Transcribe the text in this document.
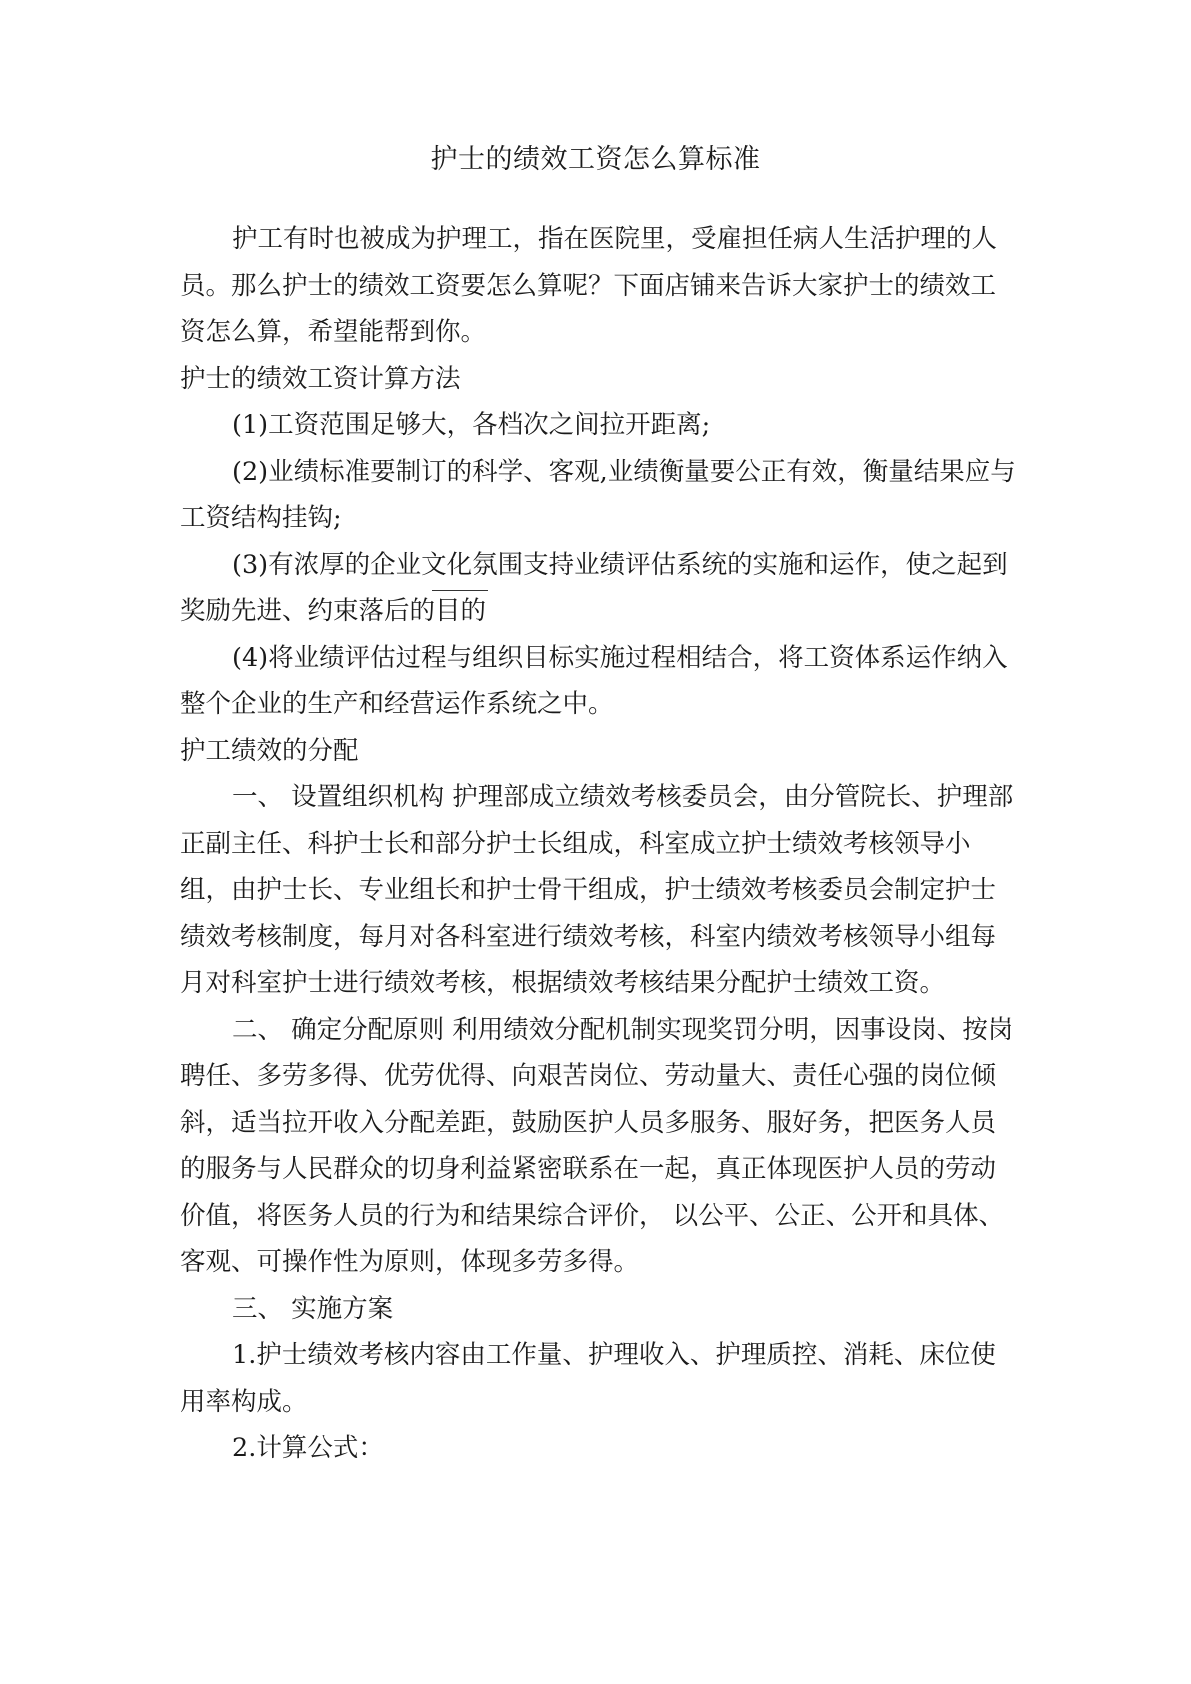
护士的绩效工资怎么算标准

护工有时也被成为护理工，指在医院里，受雇担任病人生活护理的人员。那么护士的绩效工资要怎么算呢？下面店铺来告诉大家护士的绩效工资怎么算，希望能帮到你。

护士的绩效工资计算方法

(1)工资范围足够大，各档次之间拉开距离;

(2)业绩标准要制订的科学、客观,业绩衡量要公正有效，衡量结果应与工资结构挂钩;

(3)有浓厚的企业文化氛围支持业绩评估系统的实施和运作，使之起到奖励先进、约束落后的目的

(4)将业绩评估过程与组织目标实施过程相结合，将工资体系运作纳入整个企业的生产和经营运作系统之中。

护工绩效的分配

一、 设置组织机构 护理部成立绩效考核委员会，由分管院长、护理部正副主任、科护士长和部分护士长组成，科室成立护士绩效考核领导小组，由护士长、专业组长和护士骨干组成，护士绩效考核委员会制定护士绩效考核制度，每月对各科室进行绩效考核，科室内绩效考核领导小组每月对科室护士进行绩效考核，根据绩效考核结果分配护士绩效工资。

二、 确定分配原则 利用绩效分配机制实现奖罚分明，因事设岗、按岗聘任、多劳多得、优劳优得、向艰苦岗位、劳动量大、责任心强的岗位倾斜，适当拉开收入分配差距，鼓励医护人员多服务、服好务，把医务人员的服务与人民群众的切身利益紧密联系在一起，真正体现医护人员的劳动价值，将医务人员的行为和结果综合评价， 以公平、公正、公开和具体、客观、可操作性为原则，体现多劳多得。

三、 实施方案

1.护士绩效考核内容由工作量、护理收入、护理质控、消耗、床位使用率构成。

2.计算公式：
